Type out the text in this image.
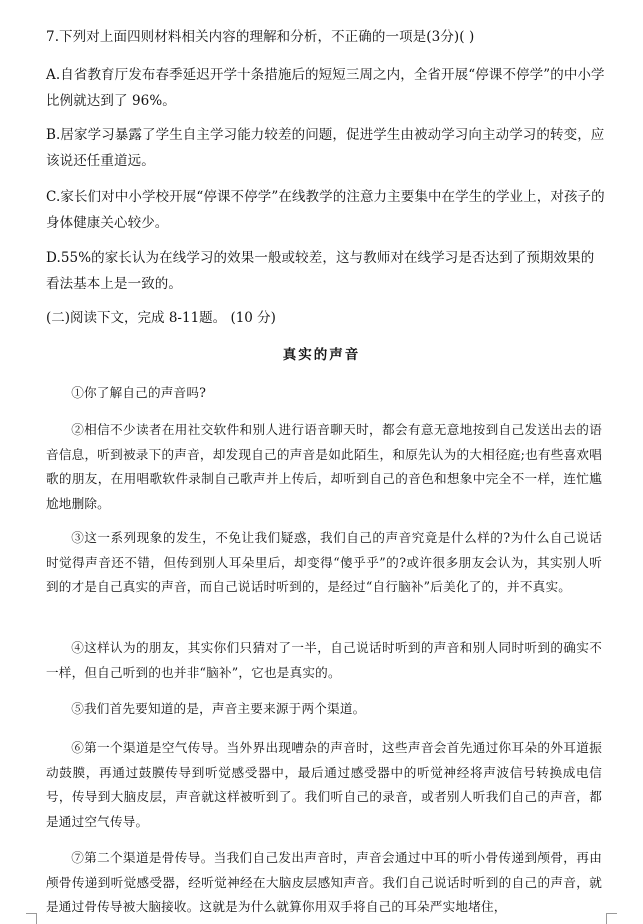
7.下列对上面四则材料相关内容的理解和分析，不正确的一项是(3分)( )
A.自省教育厅发布春季延迟开学十条措施后的短短三周之内，全省开展“停课不停学”的中小学比例就达到了 96%。
B.居家学习暴露了学生自主学习能力较差的问题，促进学生由被动学习向主动学习的转变，应该说还任重道远。
C.家长们对中小学校开展“停课不停学”在线教学的注意力主要集中在学生的学业上，对孩子的身体健康关心较少。
D.55%的家长认为在线学习的效果一般或较差，这与教师对在线学习是否达到了预期效果的看法基本上是一致的。
(二)阅读下文，完成 8-11题。 (10 分)
真实的声音
①你了解自己的声音吗?
②相信不少读者在用社交软件和别人进行语音聊天时，都会有意无意地按到自己发送出去的语音信息，听到被录下的声音，却发现自己的声音是如此陌生，和原先认为的大相径庭;也有些喜欢唱歌的朋友，在用唱歌软件录制自己歌声并上传后，却听到自己的音色和想象中完全不一样，连忙尴尬地删除。
③这一系列现象的发生，不免让我们疑惑，我们自己的声音究竟是什么样的?为什么自己说话时觉得声音还不错，但传到别人耳朵里后，却变得“傻乎乎”的?或许很多朋友会认为，其实别人听到的才是自己真实的声音，而自己说话时听到的，是经过“自行脑补”后美化了的，并不真实。
④这样认为的朋友，其实你们只猜对了一半，自己说话时听到的声音和别人同时听到的确实不一样，但自己听到的也并非“脑补”，它也是真实的。
⑤我们首先要知道的是，声音主要来源于两个渠道。
⑥第一个渠道是空气传导。当外界出现嘈杂的声音时，这些声音会首先通过你耳朵的外耳道振动鼓膜，再通过鼓膜传导到听觉感受器中，最后通过感受器中的听觉神经将声波信号转换成电信号，传导到大脑皮层，声音就这样被听到了。我们听自己的录音，或者别人听我们自己的声音，都是通过空气传导。
⑦第二个渠道是骨传导。当我们自己发出声音时，声音会通过中耳的听小骨传递到颅骨，再由颅骨传递到听觉感受器，经听觉神经在大脑皮层感知声音。我们自己说话时听到的自己的声音，就是通过骨传导被大脑接收。这就是为什么就算你用双手将自己的耳朵严实地堵住，
